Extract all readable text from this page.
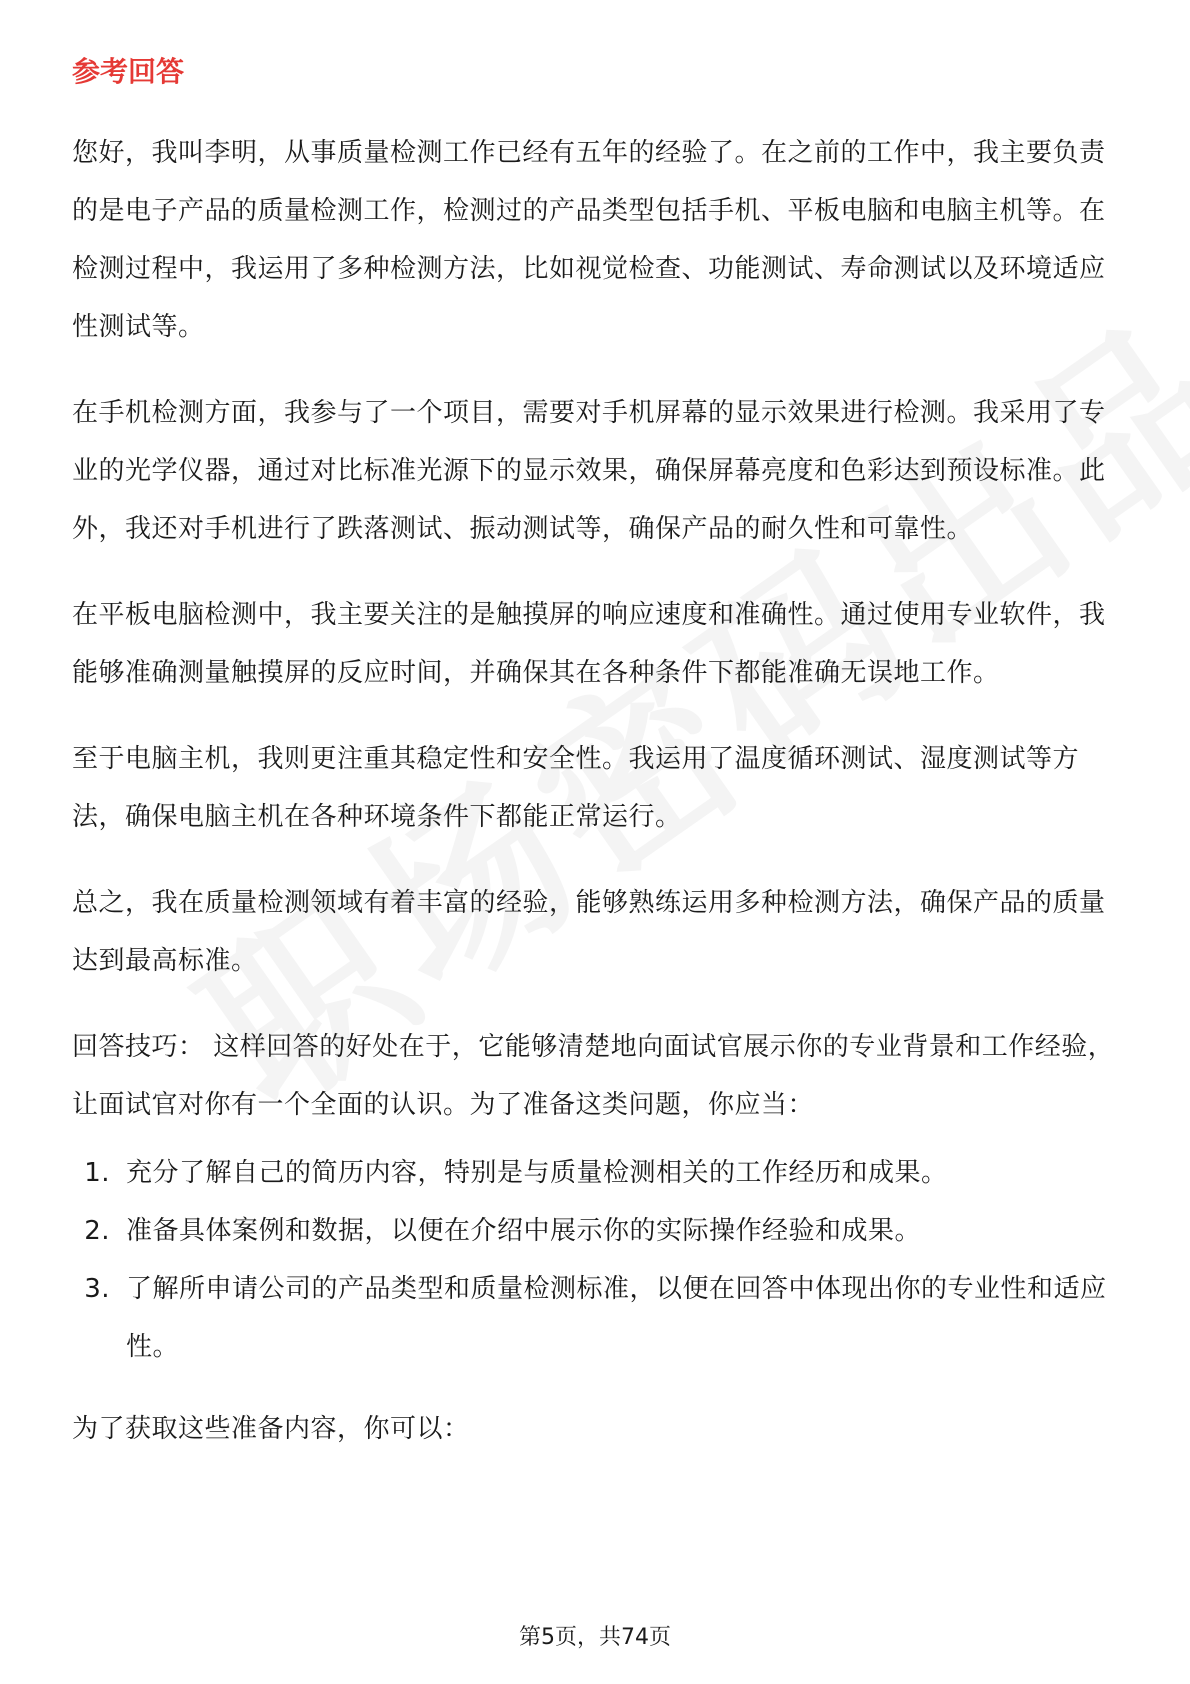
参考回答

您好，我叫李明，从事质量检测工作已经有五年的经验了。在之前的工作中，我主要负责的是电子产品的质量检测工作，检测过的产品类型包括手机、平板电脑和电脑主机等。在检测过程中，我运用了多种检测方法，比如视觉检查、功能测试、寿命测试以及环境适应性测试等。

在手机检测方面，我参与了一个项目，需要对手机屏幕的显示效果进行检测。我采用了专业的光学仪器，通过对比标准光源下的显示效果，确保屏幕亮度和色彩达到预设标准。此外，我还对手机进行了跌落测试、振动测试等，确保产品的耐久性和可靠性。

在平板电脑检测中，我主要关注的是触摸屏的响应速度和准确性。通过使用专业软件，我能够准确测量触摸屏的反应时间，并确保其在各种条件下都能准确无误地工作。

至于电脑主机，我则更注重其稳定性和安全性。我运用了温度循环测试、湿度测试等方法，确保电脑主机在各种环境条件下都能正常运行。

总之，我在质量检测领域有着丰富的经验，能够熟练运用多种检测方法，确保产品的质量达到最高标准。

回答技巧： 这样回答的好处在于，它能够清楚地向面试官展示你的专业背景和工作经验，让面试官对你有一个全面的认识。为了准备这类问题，你应当：

1. 充分了解自己的简历内容，特别是与质量检测相关的工作经历和成果。
2. 准备具体案例和数据，以便在介绍中展示你的实际操作经验和成果。
3. 了解所申请公司的产品类型和质量检测标准，以便在回答中体现出你的专业性和适应性。

为了获取这些准备内容，你可以：

第5页，共74页
